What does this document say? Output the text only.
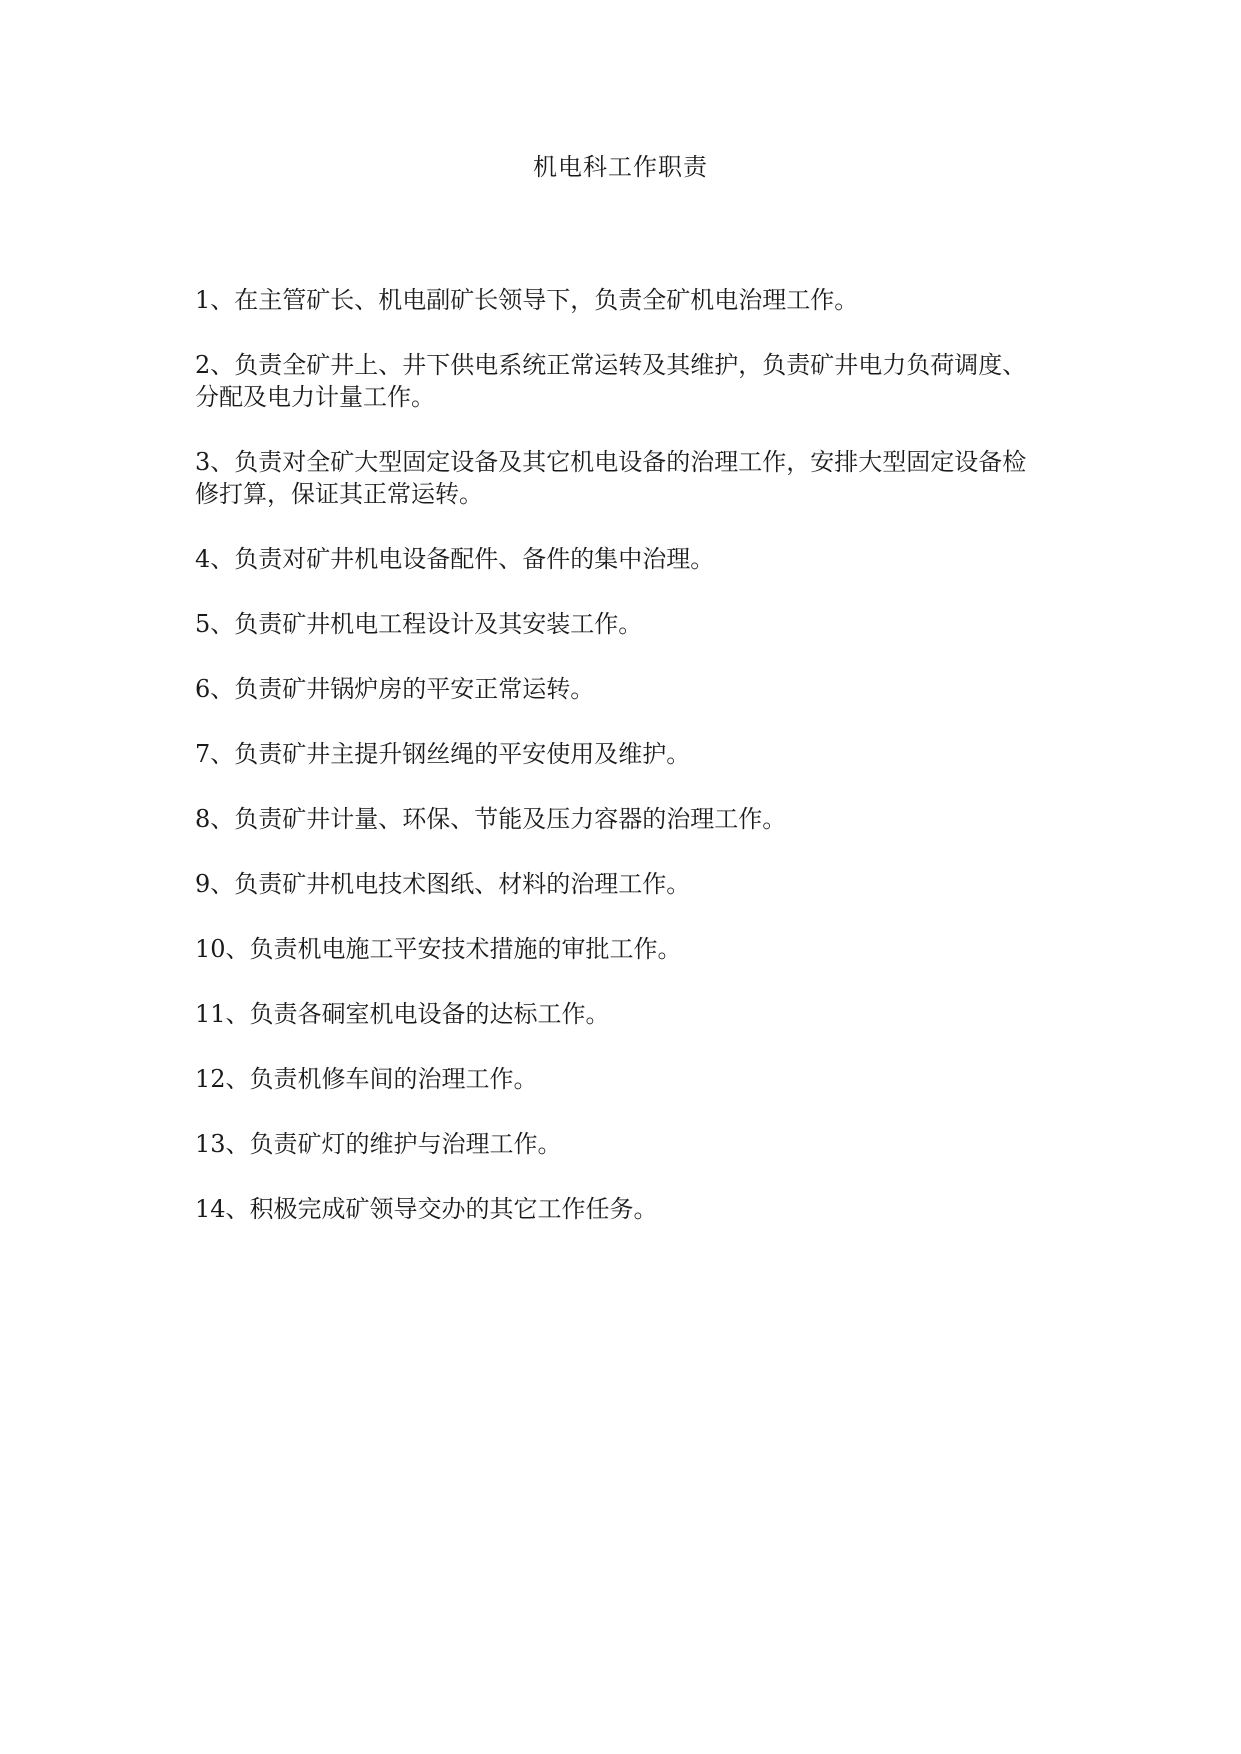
机电科工作职责
1、在主管矿长、机电副矿长领导下，负责全矿机电治理工作。
2、负责全矿井上、井下供电系统正常运转及其维护，负责矿井电力负荷调度、分配及电力计量工作。
3、负责对全矿大型固定设备及其它机电设备的治理工作，安排大型固定设备检修打算，保证其正常运转。
4、负责对矿井机电设备配件、备件的集中治理。
5、负责矿井机电工程设计及其安装工作。
6、负责矿井锅炉房的平安正常运转。
7、负责矿井主提升钢丝绳的平安使用及维护。
8、负责矿井计量、环保、节能及压力容器的治理工作。
9、负责矿井机电技术图纸、材料的治理工作。
10、负责机电施工平安技术措施的审批工作。
11、负责各硐室机电设备的达标工作。
12、负责机修车间的治理工作。
13、负责矿灯的维护与治理工作。
14、积极完成矿领导交办的其它工作任务。
